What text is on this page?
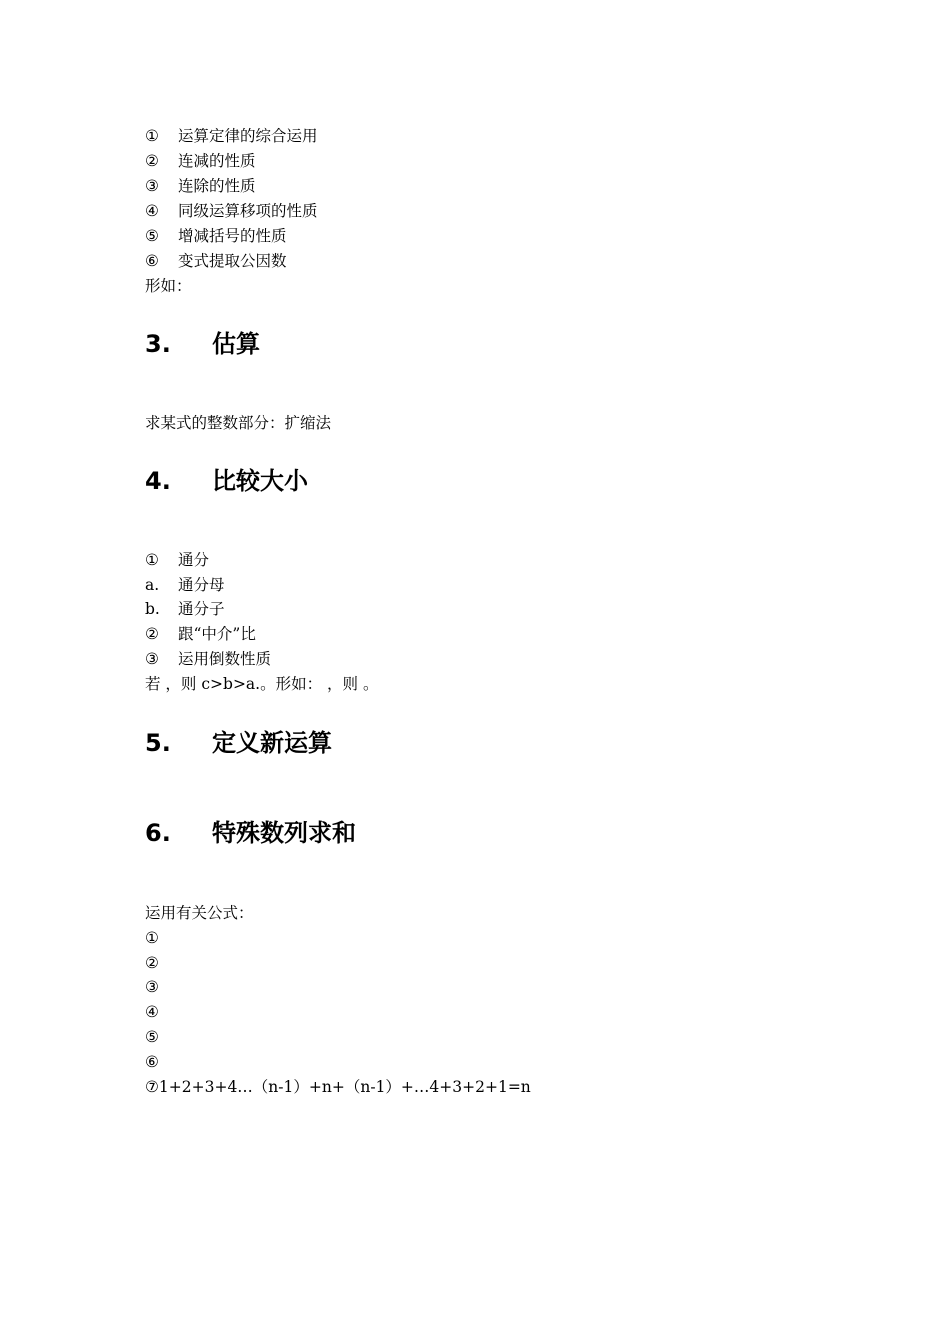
① 运算定律的综合运用
② 连减的性质
③ 连除的性质
④ 同级运算移项的性质
⑤ 增减括号的性质
⑥ 变式提取公因数
形如：
3. 估算
求某式的整数部分：扩缩法
4. 比较大小
① 通分
a. 通分母
b. 通分子
② 跟“中介”比
③ 运用倒数性质
若 ，则 c>b>a.。形如： ，则 。
5. 定义新运算
6. 特殊数列求和
运用有关公式：
①
②
③
④
⑤
⑥
⑦1+2+3+4…（n-1）+n+（n-1）+…4+3+2+1=n
